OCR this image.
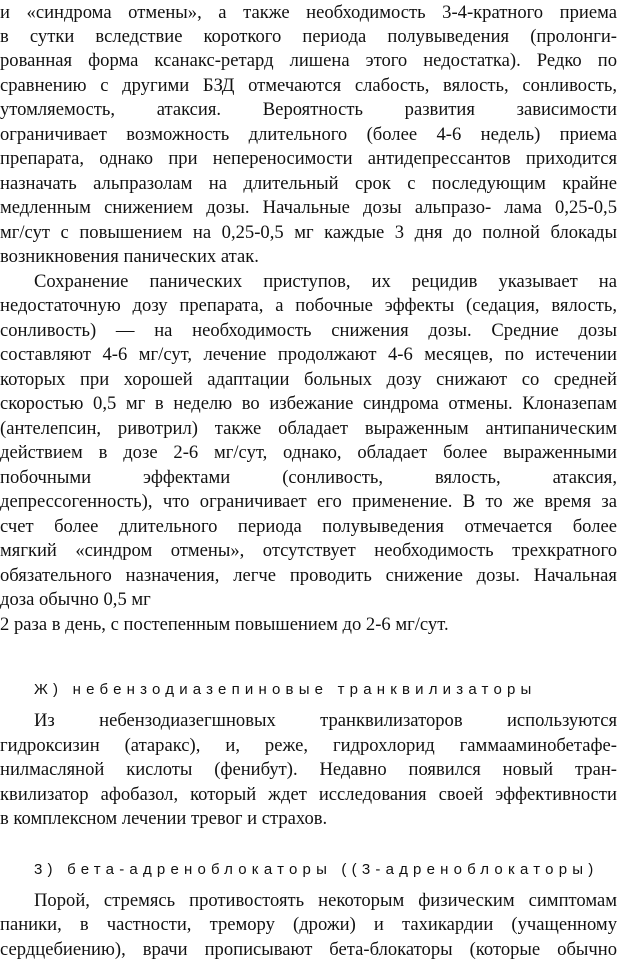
и «синдрома отмены», а также необходимость 3-4-кратного приема
в сутки вследствие короткого периода полувыведения (пролонги-
рованная форма ксанакс-ретард лишена этого недостатка). Редко по
сравнению с другими БЗД отмечаются слабость, вялость, сонливость,
утомляемость, атаксия. Вероятность развития зависимости
ограничивает возможность длительного (более 4-6 недель) приема
препарата, однако при непереносимости антидепрессантов приходится
назначать альпразолам на длительный срок с последующим крайне
медленным снижением дозы. Начальные дозы альпразо- лама 0,25-0,5
мг/сут с повышением на 0,25-0,5 мг каждые 3 дня до полной блокады
возникновения панических атак.
Сохранение панических приступов, их рецидив указывает на
недостаточную дозу препарата, а побочные эффекты (седация, вялость,
сонливость) — на необходимость снижения дозы. Средние дозы
составляют 4-6 мг/сут, лечение продолжают 4-6 месяцев, по истечении
которых при хорошей адаптации больных дозу снижают со средней
скоростью 0,5 мг в неделю во избежание синдрома отмены. Клоназепам
(антелепсин, ривотрил) также обладает выраженным антипаническим
действием в дозе 2-6 мг/сут, однако, обладает более выраженными
побочными эффектами (сонливость, вялость, атаксия,
депрессогенность), что ограничивает его применение. В то же время за
счет более длительного периода полувыведения отмечается более
мягкий «синдром отмены», отсутствует необходимость трехкратного
обязательного назначения, легче проводить снижение дозы. Начальная
доза обычно 0,5 мг
2 раза в день, с постепенным повышением до 2-6 мг/сут.
Ж) небензодиазепиновые транквилизаторы
Из небензодиазегшновых транквилизаторов используются
гидроксизин (атаракс), и, реже, гидрохлорид гаммааминобетафе-
нилмасляной кислоты (фенибут). Недавно появился новый тран-
квилизатор афобазол, который ждет исследования своей эффективности
в комплексном лечении тревог и страхов.
3) бета-адреноблокаторы ((3-адреноблокаторы)
Порой, стремясь противостоять некоторым физическим симптомам
паники, в частности, тремору (дрожи) и тахикардии (учащенному
сердцебиению), врачи прописывают бета-блокаторы (которые обычно
